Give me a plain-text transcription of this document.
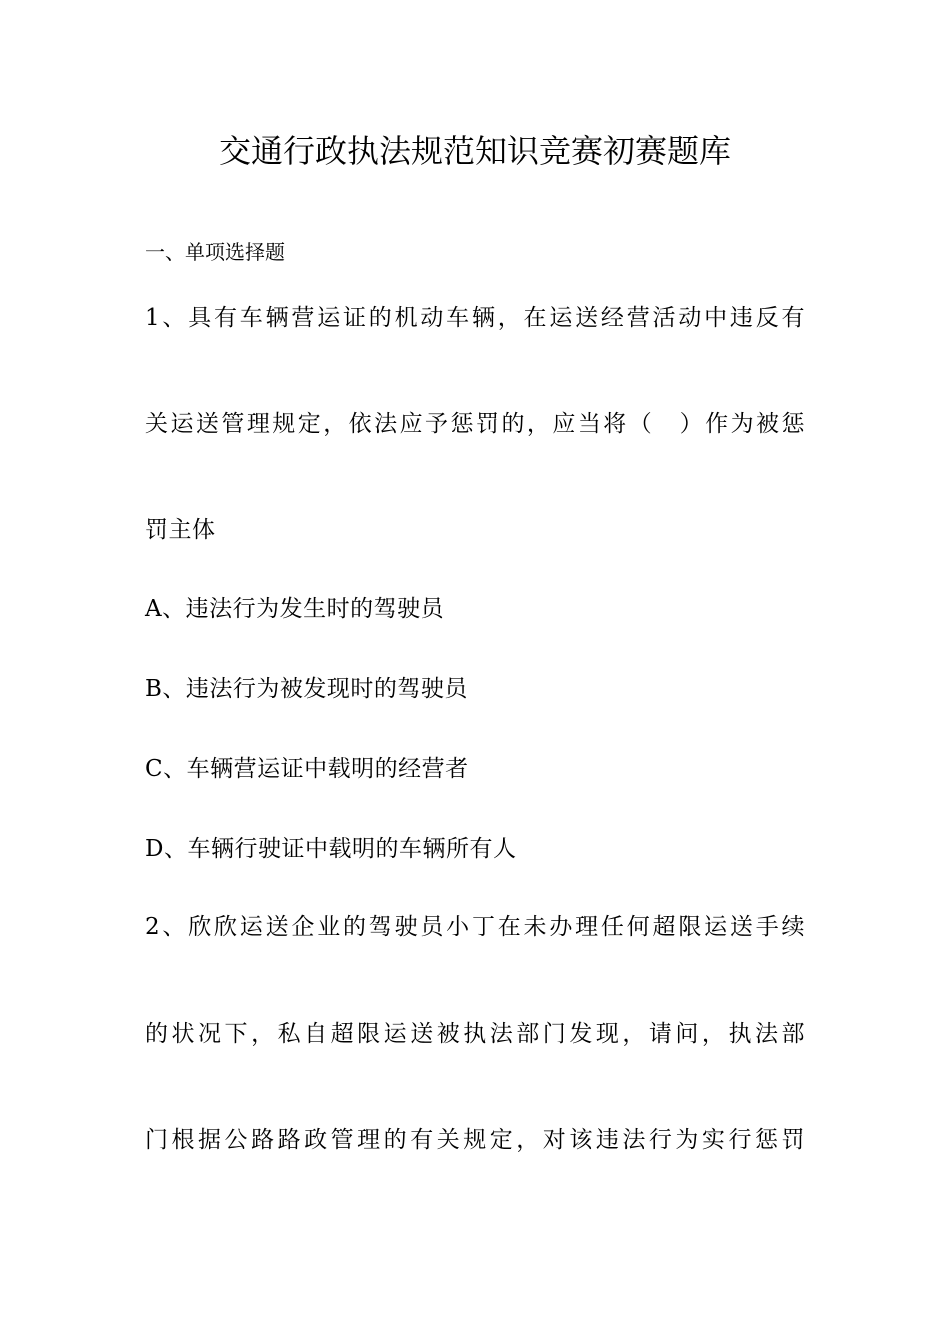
交通行政执法规范知识竞赛初赛题库
一、单项选择题
1、具有车辆营运证的机动车辆，在运送经营活动中违反有
关运送管理规定，依法应予惩罚的，应当将（　）作为被惩
罚主体
A、违法行为发生时的驾驶员
B、违法行为被发现时的驾驶员
C、车辆营运证中载明的经营者
D、车辆行驶证中载明的车辆所有人
2、欣欣运送企业的驾驶员小丁在未办理任何超限运送手续
的状况下，私自超限运送被执法部门发现，请问，执法部
门根据公路路政管理的有关规定，对该违法行为实行惩罚
